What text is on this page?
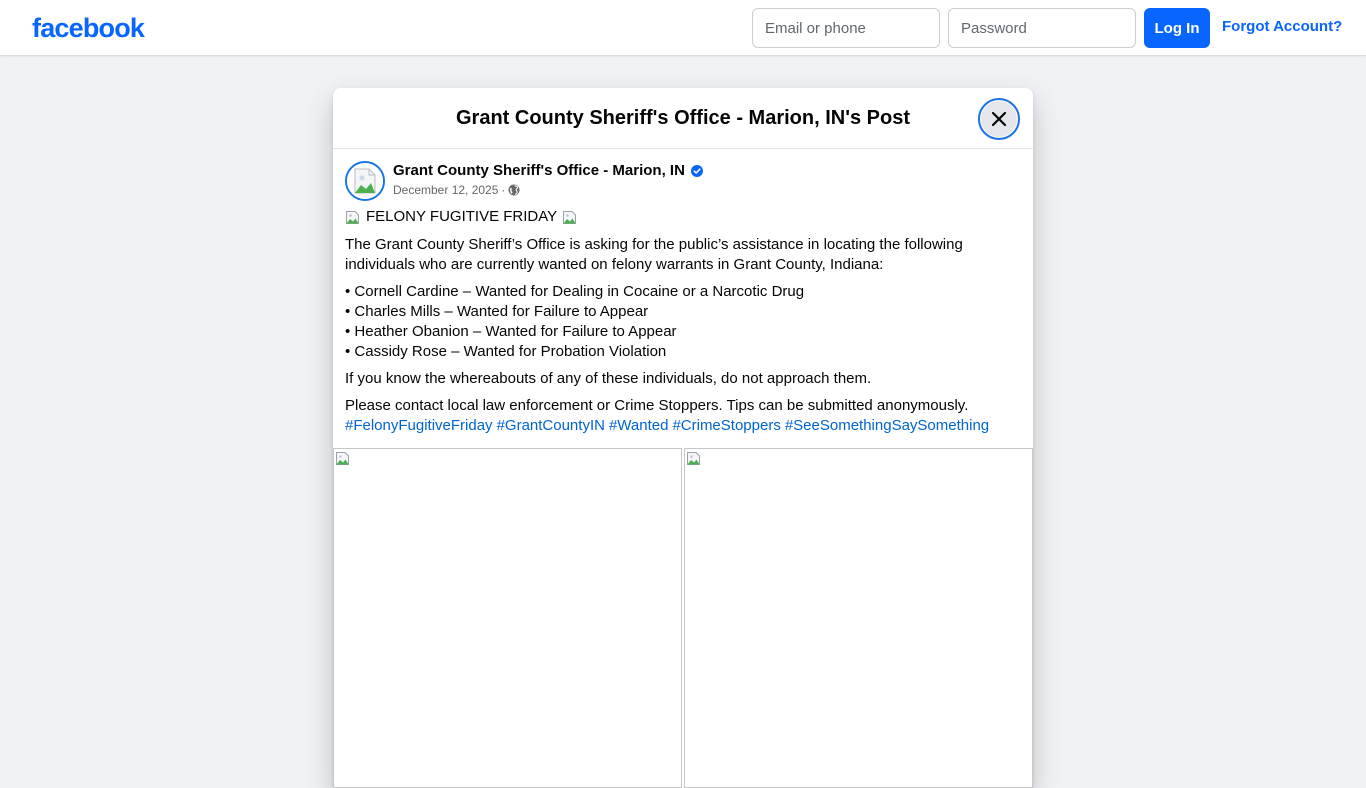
facebook
Email or phone	Log In	Forgot Account?
Grant County Sheriff's Office - Marion, IN's Post
Grant County Sheriff's Office - Marion, IN
December 12, 2025 ·
FELONY FUGITIVE FRIDAY

The Grant County Sheriff’s Office is asking for the public’s assistance in locating the following individuals who are currently wanted on felony warrants in Grant County, Indiana:

• Cornell Cardine – Wanted for Dealing in Cocaine or a Narcotic Drug
• Charles Mills – Wanted for Failure to Appear
• Heather Obanion – Wanted for Failure to Appear
• Cassidy Rose – Wanted for Probation Violation

If you know the whereabouts of any of these individuals, do not approach them.

Please contact local law enforcement or Crime Stoppers. Tips can be submitted anonymously.
#FelonyFugitiveFriday #GrantCountyIN #Wanted #CrimeStoppers #SeeSomethingSaySomething
